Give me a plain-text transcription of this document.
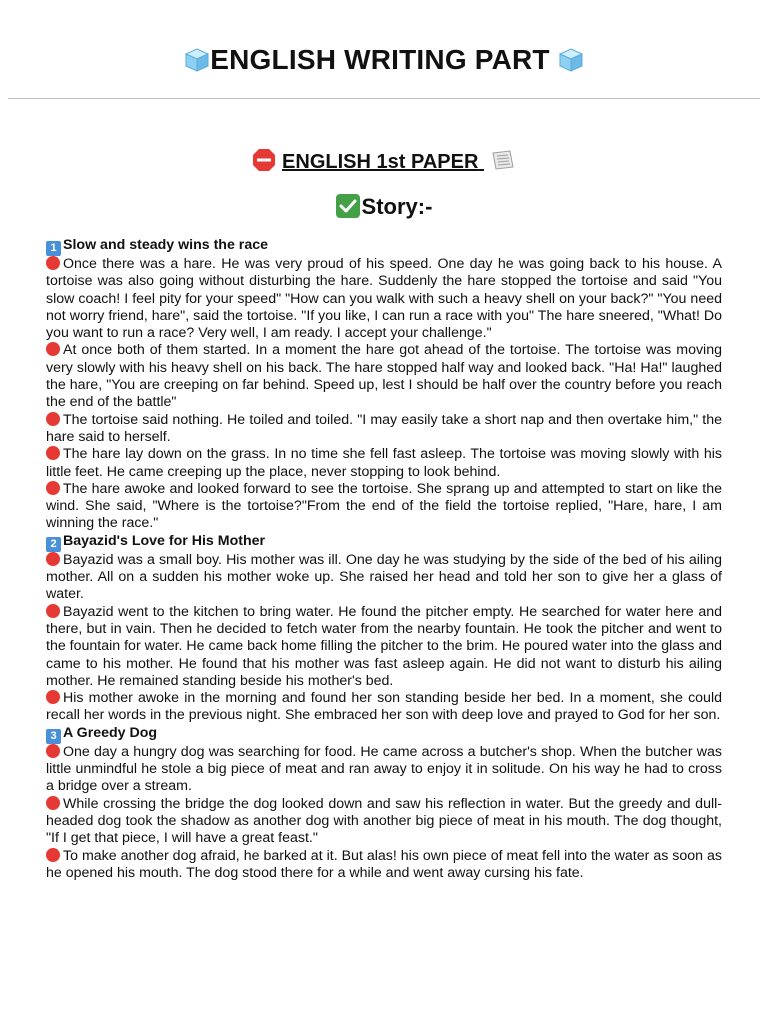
ENGLISH WRITING PART
ENGLISH 1st PAPER
Story:-

1 Slow and steady wins the race

Once there was a hare. He was very proud of his speed. One day he was going back to his house. A tortoise was also going without disturbing the hare. Suddenly the hare stopped the tortoise and said "You slow coach! I feel pity for your speed" "How can you walk with such a heavy shell on your back?" "You need not worry friend, hare", said the tortoise. "If you like, I can run a race with you" The hare sneered, "What! Do you want to run a race? Very well, I am ready. I accept your challenge."

At once both of them started. In a moment the hare got ahead of the tortoise. The tortoise was moving very slowly with his heavy shell on his back. The hare stopped half way and looked back. "Ha! Ha!" laughed the hare, "You are creeping on far behind. Speed up, lest I should be half over the country before you reach the end of the battle"

The tortoise said nothing. He toiled and toiled. "I may easily take a short nap and then overtake him," the hare said to herself.

The hare lay down on the grass. In no time she fell fast asleep. The tortoise was moving slowly with his little feet. He came creeping up the place, never stopping to look behind.

The hare awoke and looked forward to see the tortoise. She sprang up and attempted to start on like the wind. She said, "Where is the tortoise?"From the end of the field the tortoise replied, "Hare, hare, I am winning the race."

2 Bayazid's Love for His Mother

Bayazid was a small boy. His mother was ill. One day he was studying by the side of the bed of his ailing mother. All on a sudden his mother woke up. She raised her head and told her son to give her a glass of water.

Bayazid went to the kitchen to bring water. He found the pitcher empty. He searched for water here and there, but in vain. Then he decided to fetch water from the nearby fountain. He took the pitcher and went to the fountain for water. He came back home filling the pitcher to the brim. He poured water into the glass and came to his mother. He found that his mother was fast asleep again. He did not want to disturb his ailing mother. He remained standing beside his mother's bed.

His mother awoke in the morning and found her son standing beside her bed. In a moment, she could recall her words in the previous night. She embraced her son with deep love and prayed to God for her son.

3 A Greedy Dog

One day a hungry dog was searching for food. He came across a butcher's shop. When the butcher was little unmindful he stole a big piece of meat and ran away to enjoy it in solitude. On his way he had to cross a bridge over a stream.

While crossing the bridge the dog looked down and saw his reflection in water. But the greedy and dull-headed dog took the shadow as another dog with another big piece of meat in his mouth. The dog thought, "If I get that piece, I will have a great feast."

To make another dog afraid, he barked at it. But alas! his own piece of meat fell into the water as soon as he opened his mouth. The dog stood there for a while and went away cursing his fate.
